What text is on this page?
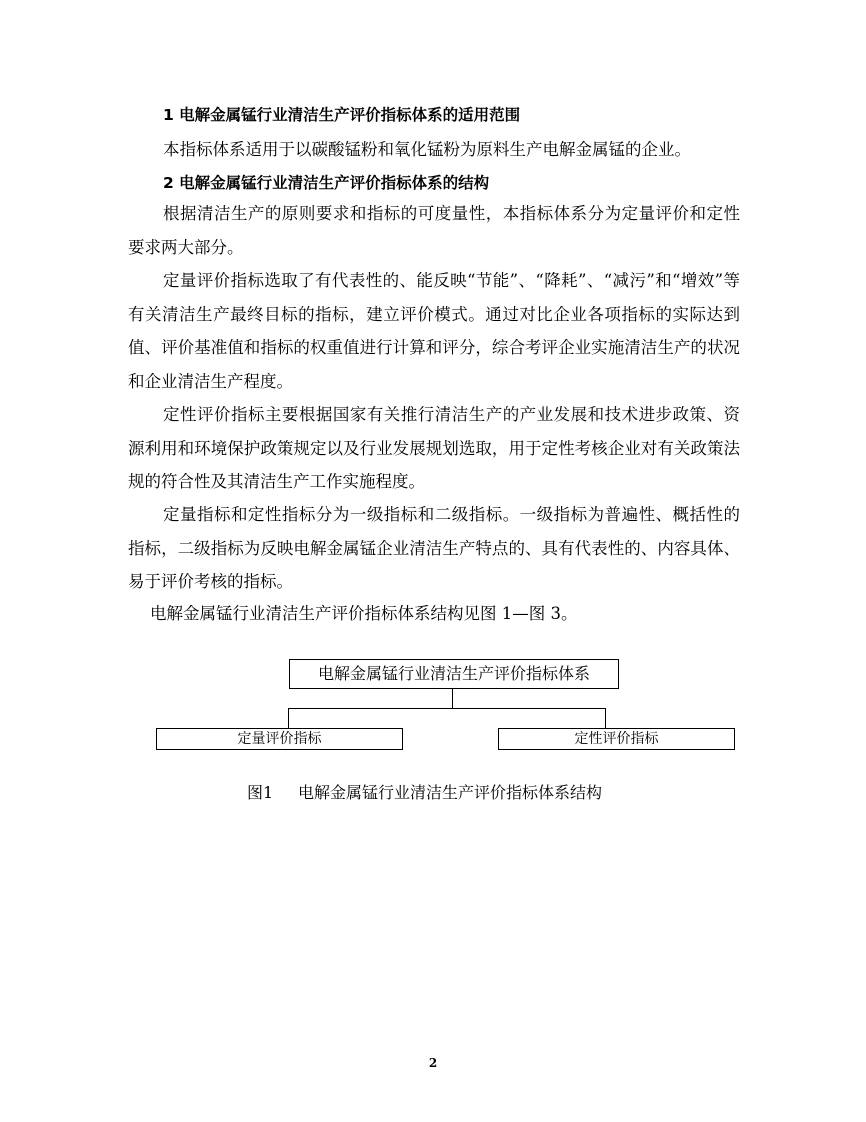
1 电解金属锰行业清洁生产评价指标体系的适用范围
本指标体系适用于以碳酸锰粉和氧化锰粉为原料生产电解金属锰的企业。
2 电解金属锰行业清洁生产评价指标体系的结构

根据清洁生产的原则要求和指标的可度量性，本指标体系分为定量评价和定性要求两大部分。

定量评价指标选取了有代表性的、能反映“节能”、“降耗”、“减污”和“增效”等有关清洁生产最终目标的指标，建立评价模式。通过对比企业各项指标的实际达到值、评价基准值和指标的权重值进行计算和评分，综合考评企业实施清洁生产的状况和企业清洁生产程度。

定性评价指标主要根据国家有关推行清洁生产的产业发展和技术进步政策、资源利用和环境保护政策规定以及行业发展规划选取，用于定性考核企业对有关政策法规的符合性及其清洁生产工作实施程度。

定量指标和定性指标分为一级指标和二级指标。一级指标为普遍性、概括性的指标，二级指标为反映电解金属锰企业清洁生产特点的、具有代表性的、内容具体、易于评价考核的指标。

电解金属锰行业清洁生产评价指标体系结构见图 1—图 3。
电解金属锰行业清洁生产评价指标体系
定量评价指标	定性评价指标
图1 电解金属锰行业清洁生产评价指标体系结构
2
